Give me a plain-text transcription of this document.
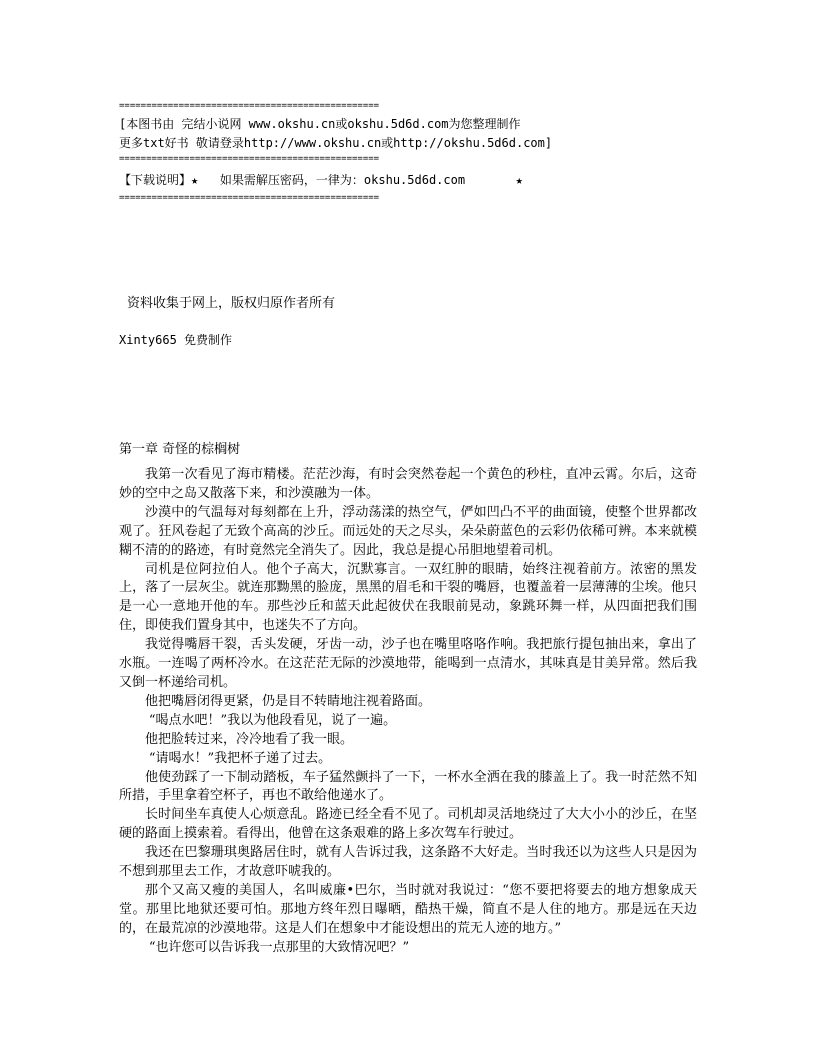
================================================

[本图书由 完结小说网 www.okshu.cn或okshu.5d6d.com为您整理制作

更多txt好书 敬请登录http://www.okshu.cn或http://okshu.5d6d.com]

================================================

【下载说明】★ 如果需解压密码，一律为：okshu.5d6d.com	★

================================================

资料收集于网上，版权归原作者所有

Xinty665 免费制作

第一章 奇怪的棕榈树

我第一次看见了海市精楼。茫茫沙海，有时会突然卷起一个黄色的秒柱，直冲云霄。尔后，这奇妙的空中之岛又散落下来，和沙漠融为一体。

沙漠中的气温每对每刻都在上升，浮动荡漾的热空气，俨如凹凸不平的曲面镜，使整个世界都改观了。狂风卷起了无致个高高的沙丘。而远处的天之尽头，朵朵蔚蓝色的云彩仍依稀可辨。本来就模糊不清的的路迹，有时竟然完全消失了。因此，我总是提心吊胆地望着司机。

司机是位阿拉伯人。他个子高大，沉默寡言。一双红肿的眼睛，始终注视着前方。浓密的黑发上，落了一层灰尘。就连那黝黑的脸庞，黑黑的眉毛和干裂的嘴唇，也覆盖着一层薄薄的尘埃。他只是一心一意地开他的车。那些沙丘和蓝天此起彼伏在我眼前晃动，象跳环舞一样，从四面把我们围住，即使我们置身其中，也迷失不了方向。

我觉得嘴唇干裂，舌头发硬，牙齿一动，沙子也在嘴里咯咯作响。我把旅行提包抽出来，拿出了水瓶。一连喝了两杯冷水。在这茫茫无际的沙漠地带，能喝到一点清水，其味真是甘美异常。然后我又倒一杯递给司机。

他把嘴唇闭得更紧，仍是目不转睛地注视着路面。

“喝点水吧！”我以为他段看见，说了一遍。

他把脸转过来，冷冷地看了我一眼。

“请喝水！”我把杯子递了过去。

他使劲踩了一下制动踏板，车子猛然颤抖了一下，一杯水全洒在我的膝盖上了。我一时茫然不知所措，手里拿着空杯子，再也不敢给他递水了。

长时间坐车真使人心烦意乱。路迹已经全看不见了。司机却灵活地绕过了大大小小的沙丘，在坚硬的路面上摸索着。看得出，他曾在这条艰难的路上多次驾车行驶过。

我还在巴黎珊琪奥路居住时，就有人告诉过我，这条路不大好走。当时我还以为这些人只是因为不想到那里去工作，才故意吓唬我的。

那个又高又瘦的美国人，名叫威廉•巴尔，当时就对我说过：“您不要把将要去的地方想象成天堂。那里比地狱还要可怕。那地方终年烈日曝晒，酷热干燥，简直不是人住的地方。那是远在天边的，在最荒凉的沙漠地带。这是人们在想象中才能设想出的荒无人迹的地方。”

“也许您可以告诉我一点那里的大致情况吧？”
